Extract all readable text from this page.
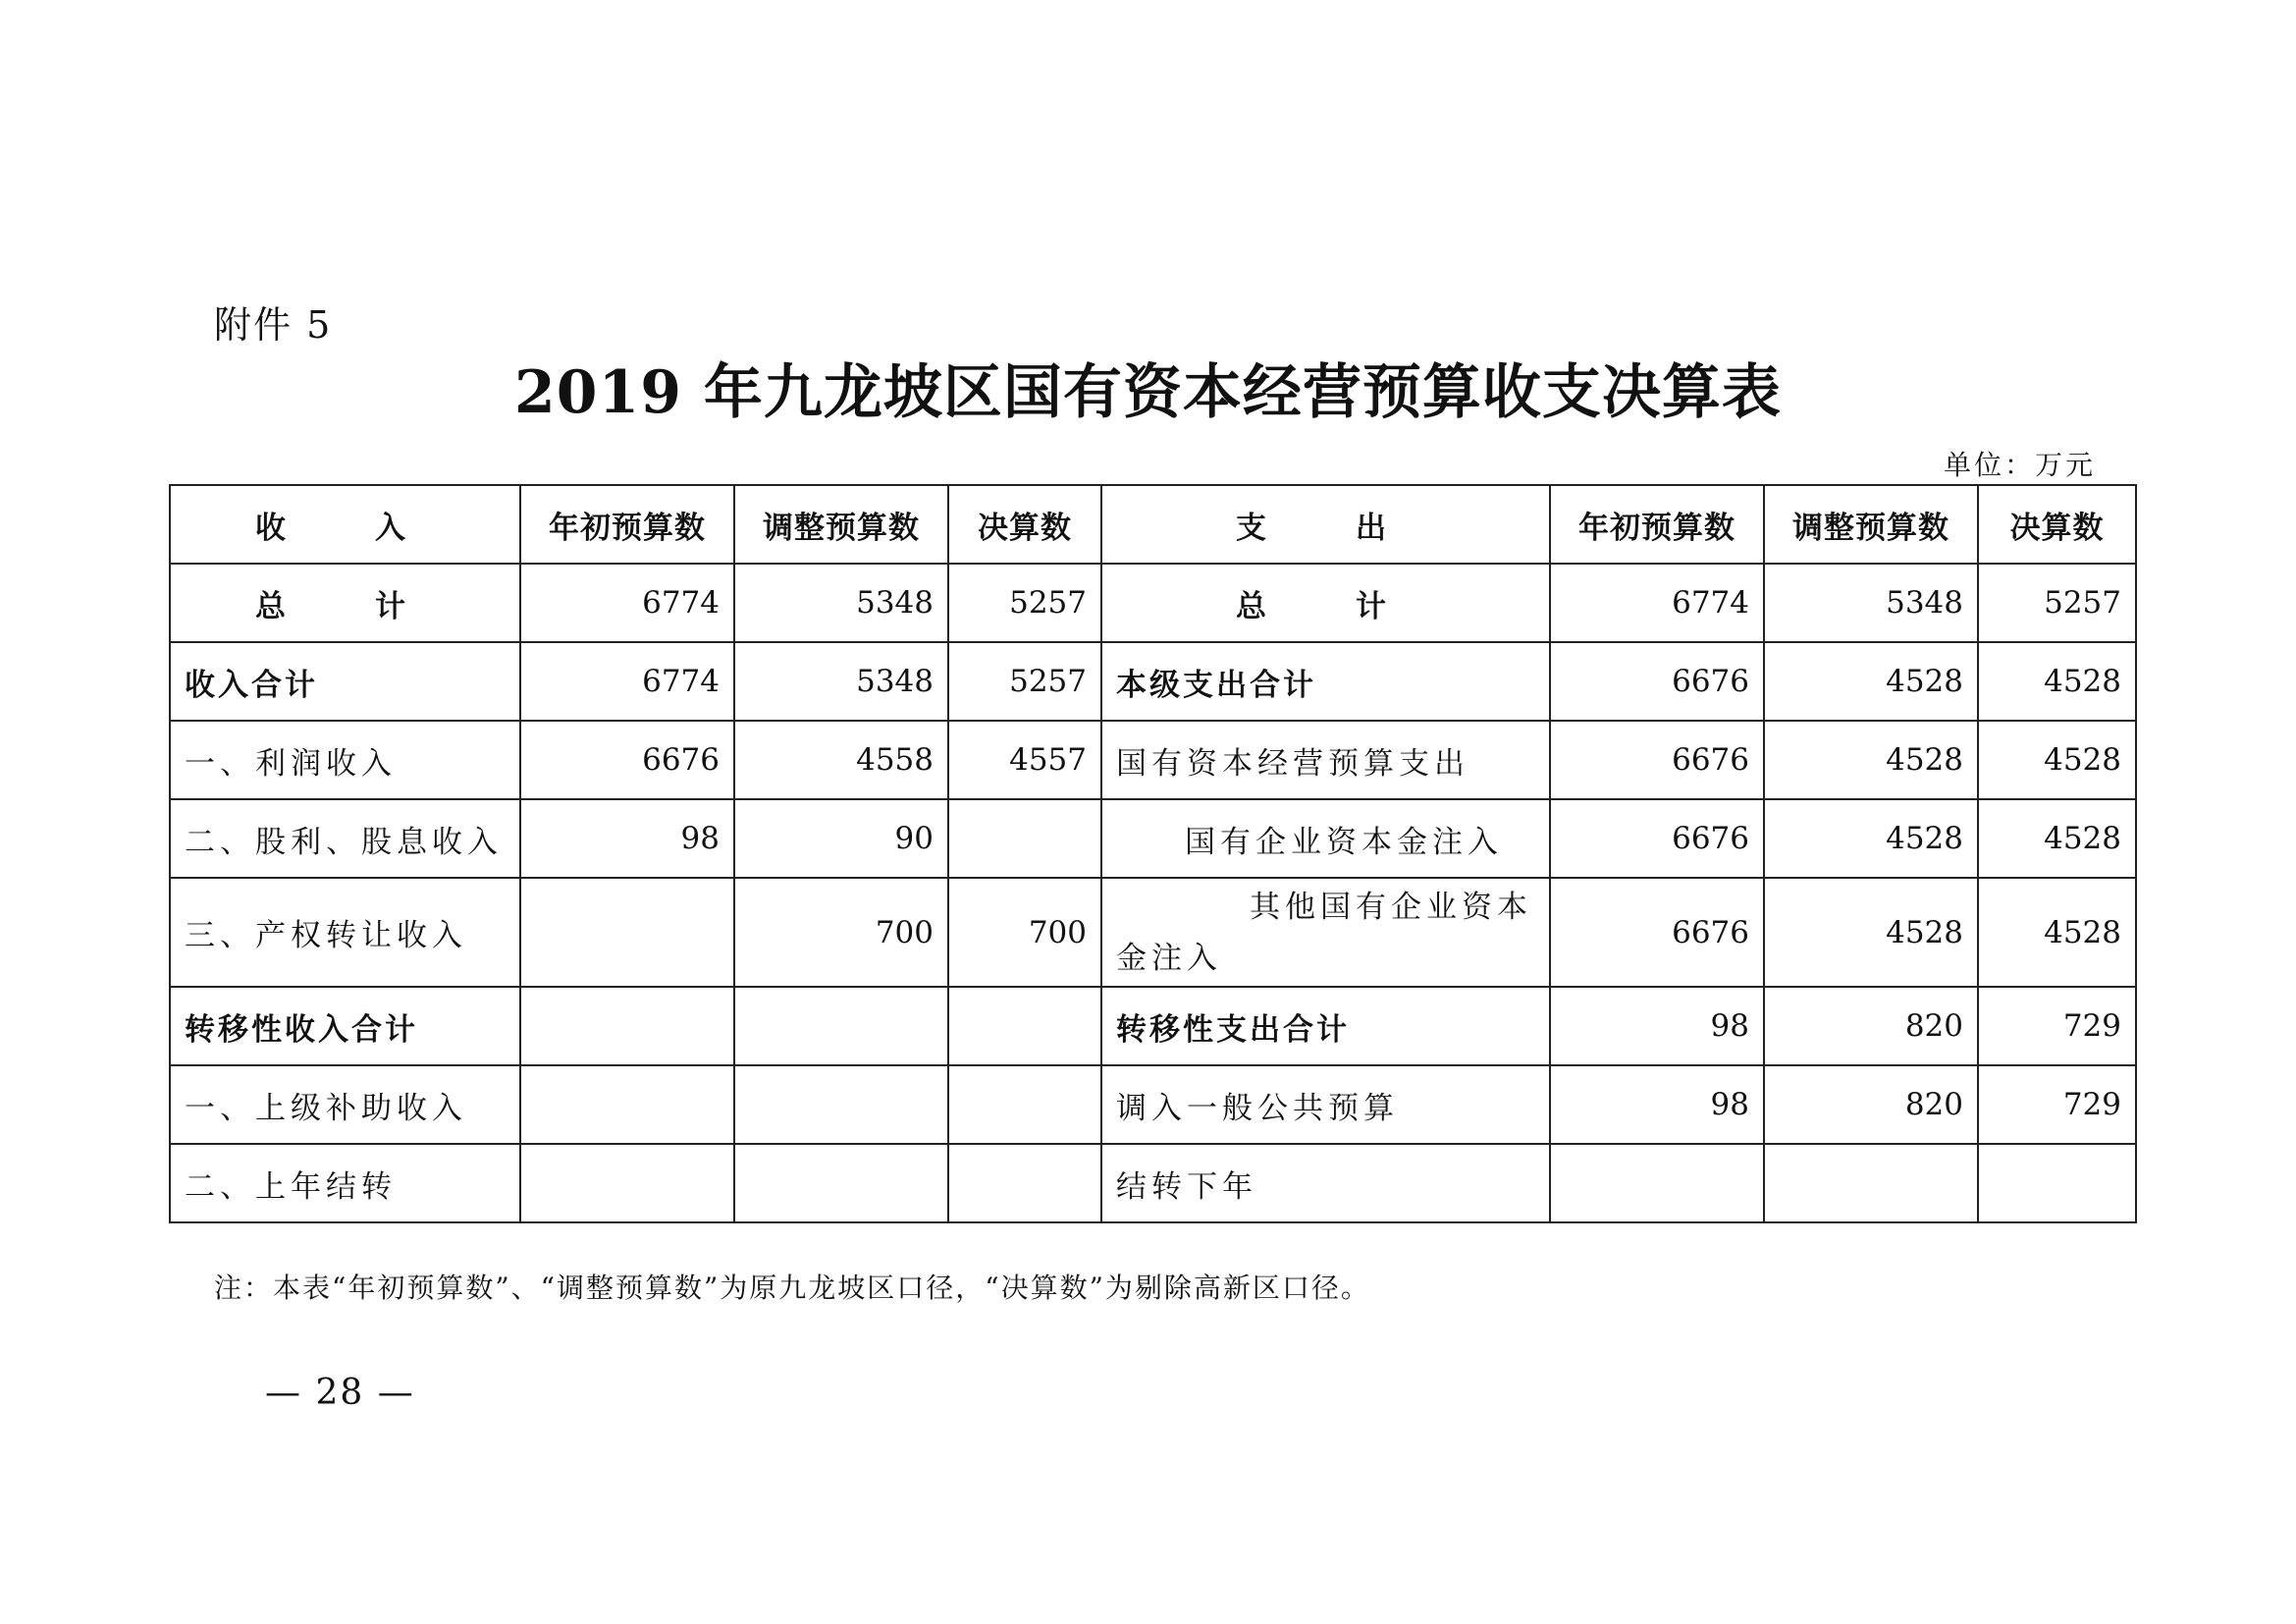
附件 5
2019 年九龙坡区国有资本经营预算收支决算表
单位：万元
收　入	年初预算数	调整预算数	决算数	支　出	年初预算数	调整预算数	决算数
总　计	6774	5348	5257	总　计	6774	5348	5257
收入合计	6774	5348	5257	本级支出合计	6676	4528	4528
一、利润收入	6676	4558	4557	国有资本经营预算支出	6676	4528	4528
二、股利、股息收入	98	90		国有企业资本金注入	6676	4528	4528
三、产权转让收入		700	700	其他国有企业资本
金注入	6676	4528	4528
转移性收入合计				转移性支出合计	98	820	729
一、上级补助收入				调入一般公共预算	98	820	729
二、上年结转				结转下年			
注：本表“年初预算数”、“调整预算数”为原九龙坡区口径，“决算数”为剔除高新区口径。
— 28 —
